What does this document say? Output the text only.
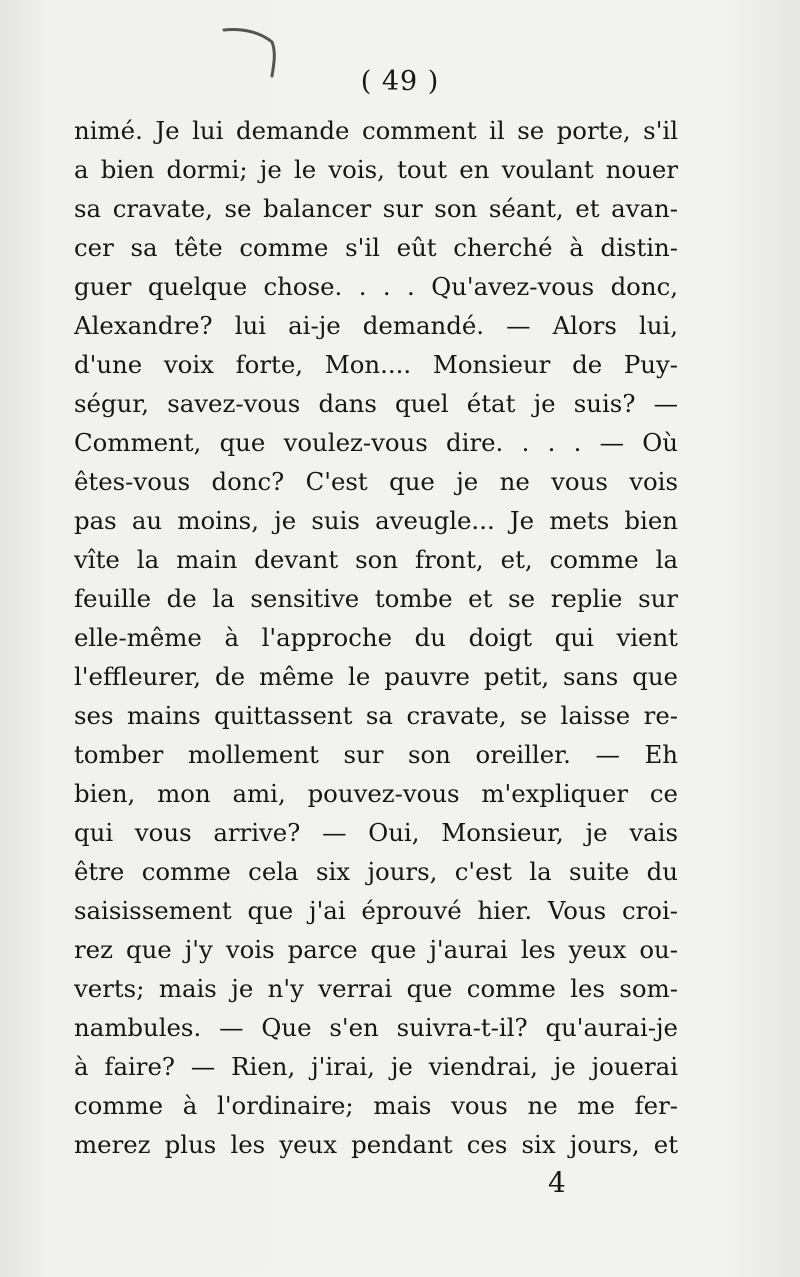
( 49 )
nimé. Je lui demande comment il se porte, s'il
a bien dormi; je le vois, tout en voulant nouer
sa cravate, se balancer sur son séant, et avan-
cer sa tête comme s'il eût cherché à distin-
guer quelque chose. . . . Qu'avez-vous donc,
Alexandre? lui ai-je demandé. — Alors lui,
d'une voix forte, Mon.... Monsieur de Puy-
ségur, savez-vous dans quel état je suis? —
Comment, que voulez-vous dire. . . . — Où
êtes-vous donc? C'est que je ne vous vois
pas au moins, je suis aveugle... Je mets bien
vîte la main devant son front, et, comme la
feuille de la sensitive tombe et se replie sur
elle-même à l'approche du doigt qui vient
l'effleurer, de même le pauvre petit, sans que
ses mains quittassent sa cravate, se laisse re-
tomber mollement sur son oreiller. — Eh
bien, mon ami, pouvez-vous m'expliquer ce
qui vous arrive? — Oui, Monsieur, je vais
être comme cela six jours, c'est la suite du
saisissement que j'ai éprouvé hier. Vous croi-
rez que j'y vois parce que j'aurai les yeux ou-
verts; mais je n'y verrai que comme les som-
nambules. — Que s'en suivra-t-il? qu'aurai-je
à faire? — Rien, j'irai, je viendrai, je jouerai
comme à l'ordinaire; mais vous ne me fer-
merez plus les yeux pendant ces six jours, et
4
